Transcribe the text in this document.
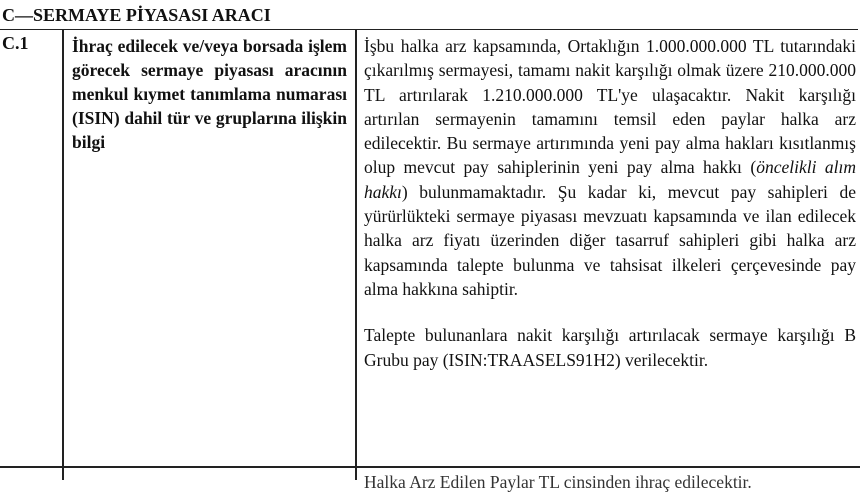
C—SERMAYE PİYASASI ARACI
C.1 İhraç edilecek ve/veya borsada işlem görecek sermaye piyasası aracının menkul kıymet tanımlama numarası (ISIN) dahil tür ve gruplarına ilişkin bilgi

İşbu halka arz kapsamında, Ortaklığın 1.000.000.000 TL tutarındaki çıkarılmış sermayesi, tamamı nakit karşılığı olmak üzere 210.000.000 TL artırılarak 1.210.000.000 TL'ye ulaşacaktır. Nakit karşılığı artırılan sermayenin tamamını temsil eden paylar halka arz edilecektir. Bu sermaye artırımında yeni pay alma hakları kısıtlanmış olup mevcut pay sahiplerinin yeni pay alma hakkı (öncelikli alım hakkı) bulunmamaktadır. Şu kadar ki, mevcut pay sahipleri de yürürlükteki sermaye piyasası mevzuatı kapsamında ve ilan edilecek halka arz fiyatı üzerinden diğer tasarruf sahipleri gibi halka arz kapsamında talepte bulunma ve tahsisat ilkeleri çerçevesinde pay alma hakkına sahiptir.

Talepte bulunanlara nakit karşılığı artırılacak sermaye karşılığı B Grubu pay (ISIN:TRAASELS91H2) verilecektir.

Halka Arz Edilen Paylar TL cinsinden ihraç edilecektir.
